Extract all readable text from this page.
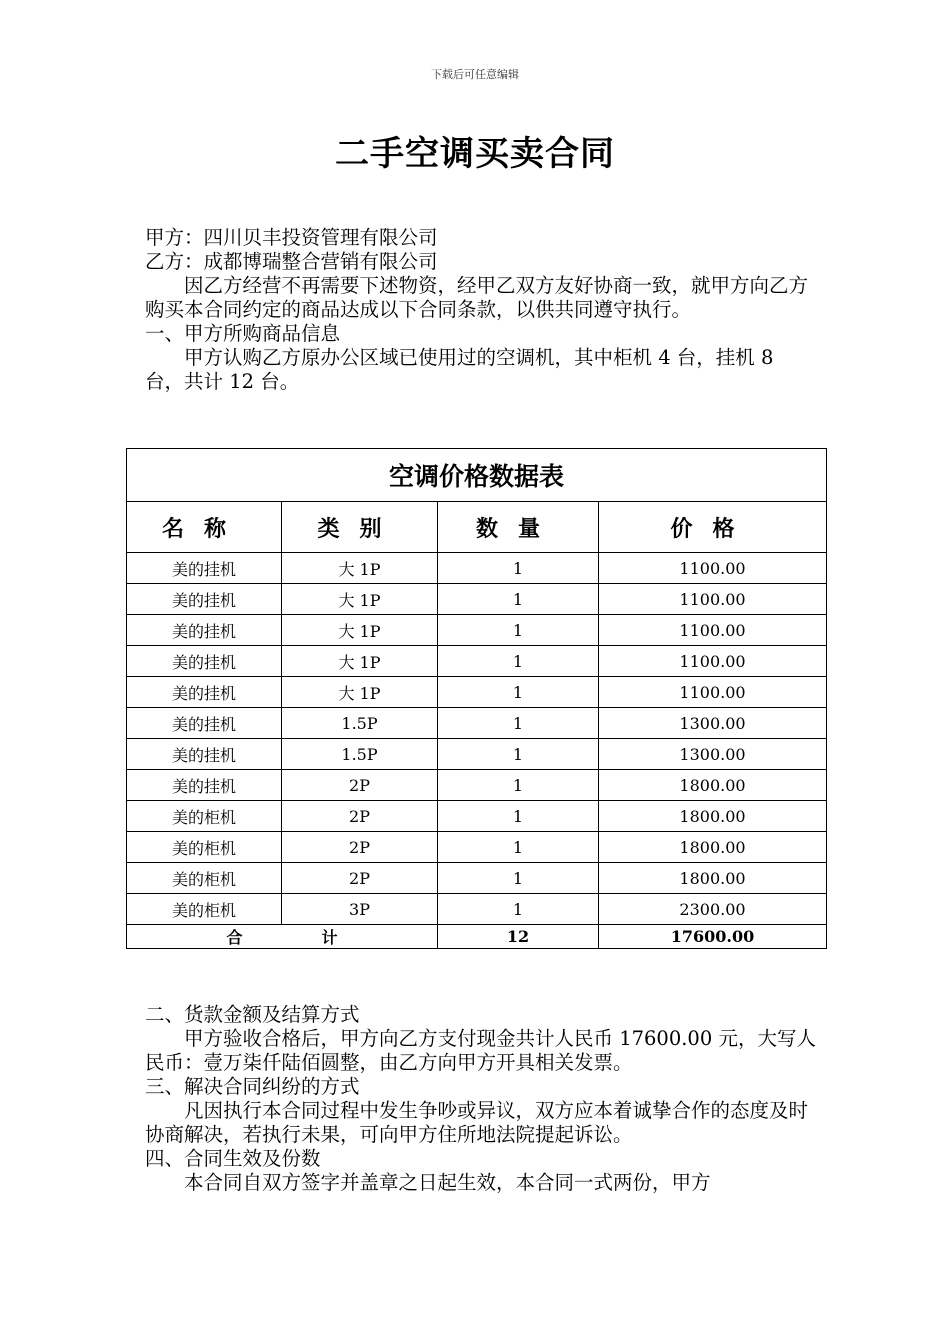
下载后可任意编辑
二手空调买卖合同

甲方：四川贝丰投资管理有限公司

乙方：成都博瑞整合营销有限公司

因乙方经营不再需要下述物资，经甲乙双方友好协商一致，就甲方向乙方购买本合同约定的商品达成以下合同条款，以供共同遵守执行。

一、甲方所购商品信息

甲方认购乙方原办公区域已使用过的空调机，其中柜机 4 台，挂机 8 台，共计 12 台。

空调价格数据表			
名称	类别	数量	价格
美的挂机	大 1P	1	1100.00
美的挂机	大 1P	1	1100.00
美的挂机	大 1P	1	1100.00
美的挂机	大 1P	1	1100.00
美的挂机	大 1P	1	1100.00
美的挂机	1.5P	1	1300.00
美的挂机	1.5P	1	1300.00
美的挂机	2P	1	1800.00
美的柜机	2P	1	1800.00
美的柜机	2P	1	1800.00
美的柜机	2P	1	1800.00
美的柜机	3P	1	2300.00

合 计		12	17600.00

二、货款金额及结算方式

甲方验收合格后，甲方向乙方支付现金共计人民币 17600.00 元，大写人民币：壹万柒仟陆佰圆整，由乙方向甲方开具相关发票。

三、解决合同纠纷的方式

凡因执行本合同过程中发生争吵或异议，双方应本着诚挚合作的态度及时协商解决，若执行未果，可向甲方住所地法院提起诉讼。

四、合同生效及份数

本合同自双方签字并盖章之日起生效，本合同一式两份，甲方
